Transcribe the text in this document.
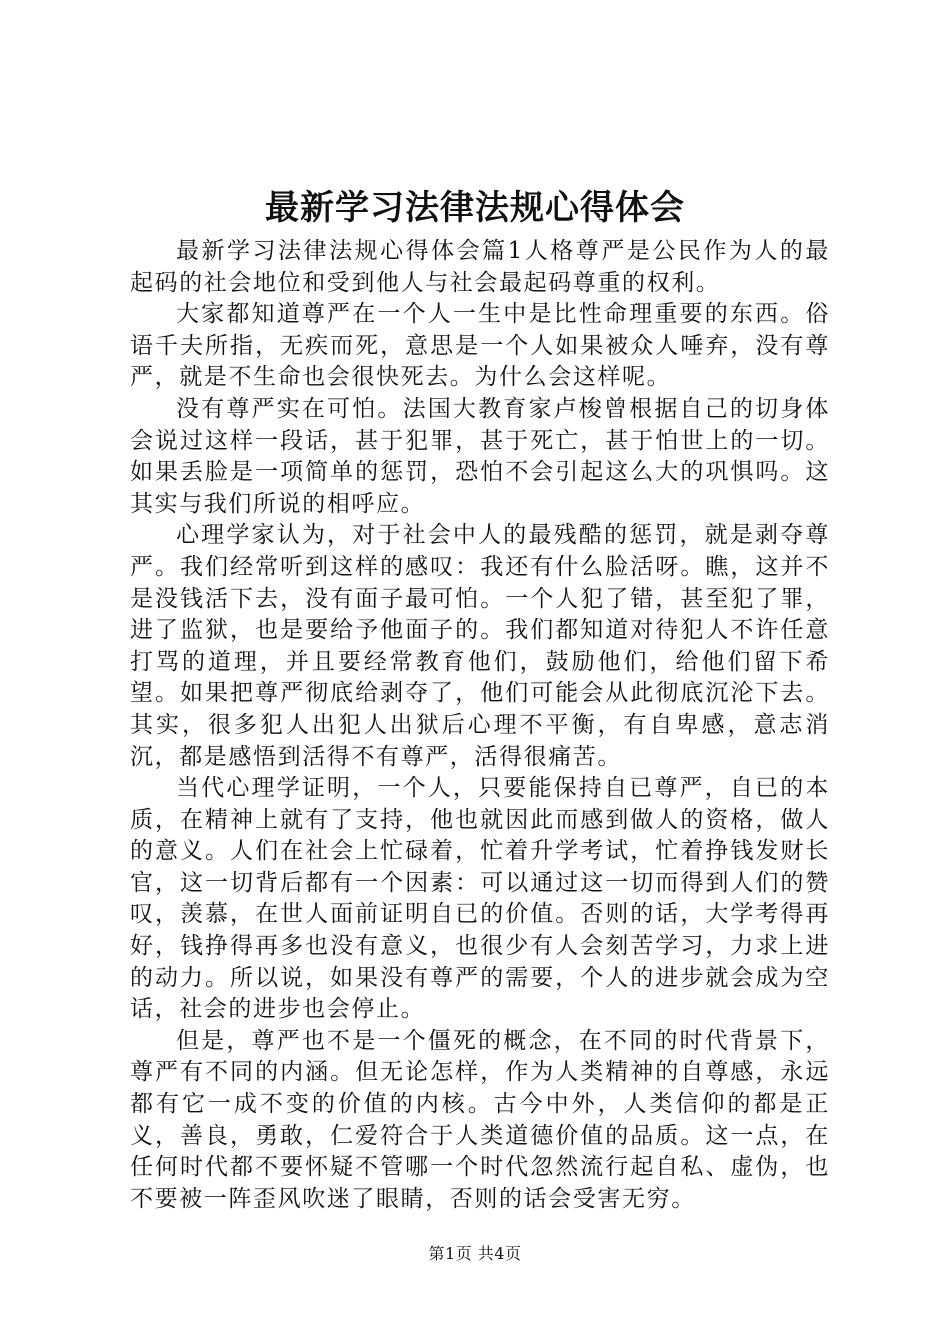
最新学习法律法规心得体会

最新学习法律法规心得体会篇1人格尊严是公民作为人的最起码的社会地位和受到他人与社会最起码尊重的权利。

大家都知道尊严在一个人一生中是比性命理重要的东西。俗语千夫所指，无疾而死，意思是一个人如果被众人唾弃，没有尊严，就是不生命也会很快死去。为什么会这样呢。

没有尊严实在可怕。法国大教育家卢梭曾根据自己的切身体会说过这样一段话，甚于犯罪，甚于死亡，甚于怕世上的一切。如果丢脸是一项简单的惩罚，恐怕不会引起这么大的巩惧吗。这其实与我们所说的相呼应。

心理学家认为，对于社会中人的最残酷的惩罚，就是剥夺尊严。我们经常听到这样的感叹：我还有什么脸活呀。瞧，这并不是没钱活下去，没有面子最可怕。一个人犯了错，甚至犯了罪，进了监狱，也是要给予他面子的。我们都知道对待犯人不许任意打骂的道理，并且要经常教育他们，鼓励他们，给他们留下希望。如果把尊严彻底给剥夺了，他们可能会从此彻底沉沦下去。其实，很多犯人出犯人出狱后心理不平衡，有自卑感，意志消沉，都是感悟到活得不有尊严，活得很痛苦。

当代心理学证明，一个人，只要能保持自已尊严，自已的本质，在精神上就有了支持，他也就因此而感到做人的资格，做人的意义。人们在社会上忙碌着，忙着升学考试，忙着挣钱发财长官，这一切背后都有一个因素：可以通过这一切而得到人们的赞叹，羡慕，在世人面前证明自已的价值。否则的话，大学考得再好，钱挣得再多也没有意义，也很少有人会刻苦学习，力求上进的动力。所以说，如果没有尊严的需要，个人的进步就会成为空话，社会的进步也会停止。

但是，尊严也不是一个僵死的概念，在不同的时代背景下，尊严有不同的内涵。但无论怎样，作为人类精神的自尊感，永远都有它一成不变的价值的内核。古今中外，人类信仰的都是正义，善良，勇敢，仁爱符合于人类道德价值的品质。这一点，在任何时代都不要怀疑不管哪一个时代忽然流行起自私、虚伪，也不要被一阵歪风吹迷了眼睛，否则的话会受害无穷。

第1页 共4页
